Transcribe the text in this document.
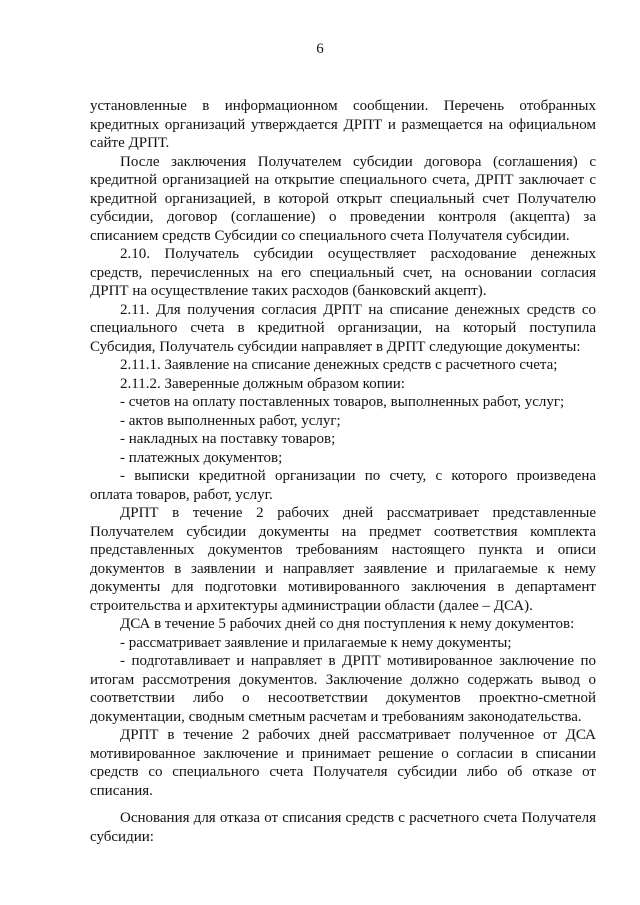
6

установленные в информационном сообщении. Перечень отобранных кредитных организаций утверждается ДРПТ и размещается на официальном сайте ДРПТ.

После заключения Получателем субсидии договора (соглашения) с кредитной организацией на открытие специального счета, ДРПТ заключает с кредитной организацией, в которой открыт специальный счет Получателю субсидии, договор (соглашение) о проведении контроля (акцепта) за списанием средств Субсидии со специального счета Получателя субсидии.

2.10. Получатель субсидии осуществляет расходование денежных средств, перечисленных на его специальный счет, на основании согласия ДРПТ на осуществление таких расходов (банковский акцепт).

2.11. Для получения согласия ДРПТ на списание денежных средств со специального счета в кредитной организации, на который поступила Субсидия, Получатель субсидии направляет в ДРПТ следующие документы:

2.11.1. Заявление на списание денежных средств с расчетного счета;

2.11.2. Заверенные должным образом копии:

- счетов на оплату поставленных товаров, выполненных работ, услуг;

- актов выполненных работ, услуг;

- накладных на поставку товаров;

- платежных документов;

- выписки кредитной организации по счету, с которого произведена оплата товаров, работ, услуг.

ДРПТ в течение 2 рабочих дней рассматривает представленные Получателем субсидии документы на предмет соответствия комплекта представленных документов требованиям настоящего пункта и описи документов в заявлении и направляет заявление и прилагаемые к нему документы для подготовки мотивированного заключения в департамент строительства и архитектуры администрации области (далее – ДСА).

ДСА в течение 5 рабочих дней со дня поступления к нему документов:

- рассматривает заявление и прилагаемые к нему документы;

- подготавливает и направляет в ДРПТ мотивированное заключение по итогам рассмотрения документов. Заключение должно содержать вывод о соответствии либо о несоответствии документов проектно-сметной документации, сводным сметным расчетам и требованиям законодательства.

ДРПТ в течение 2 рабочих дней рассматривает полученное от ДСА мотивированное заключение и принимает решение о согласии в списании средств со специального счета Получателя субсидии либо об отказе от списания.

Основания для отказа от списания средств с расчетного счета Получателя субсидии:
